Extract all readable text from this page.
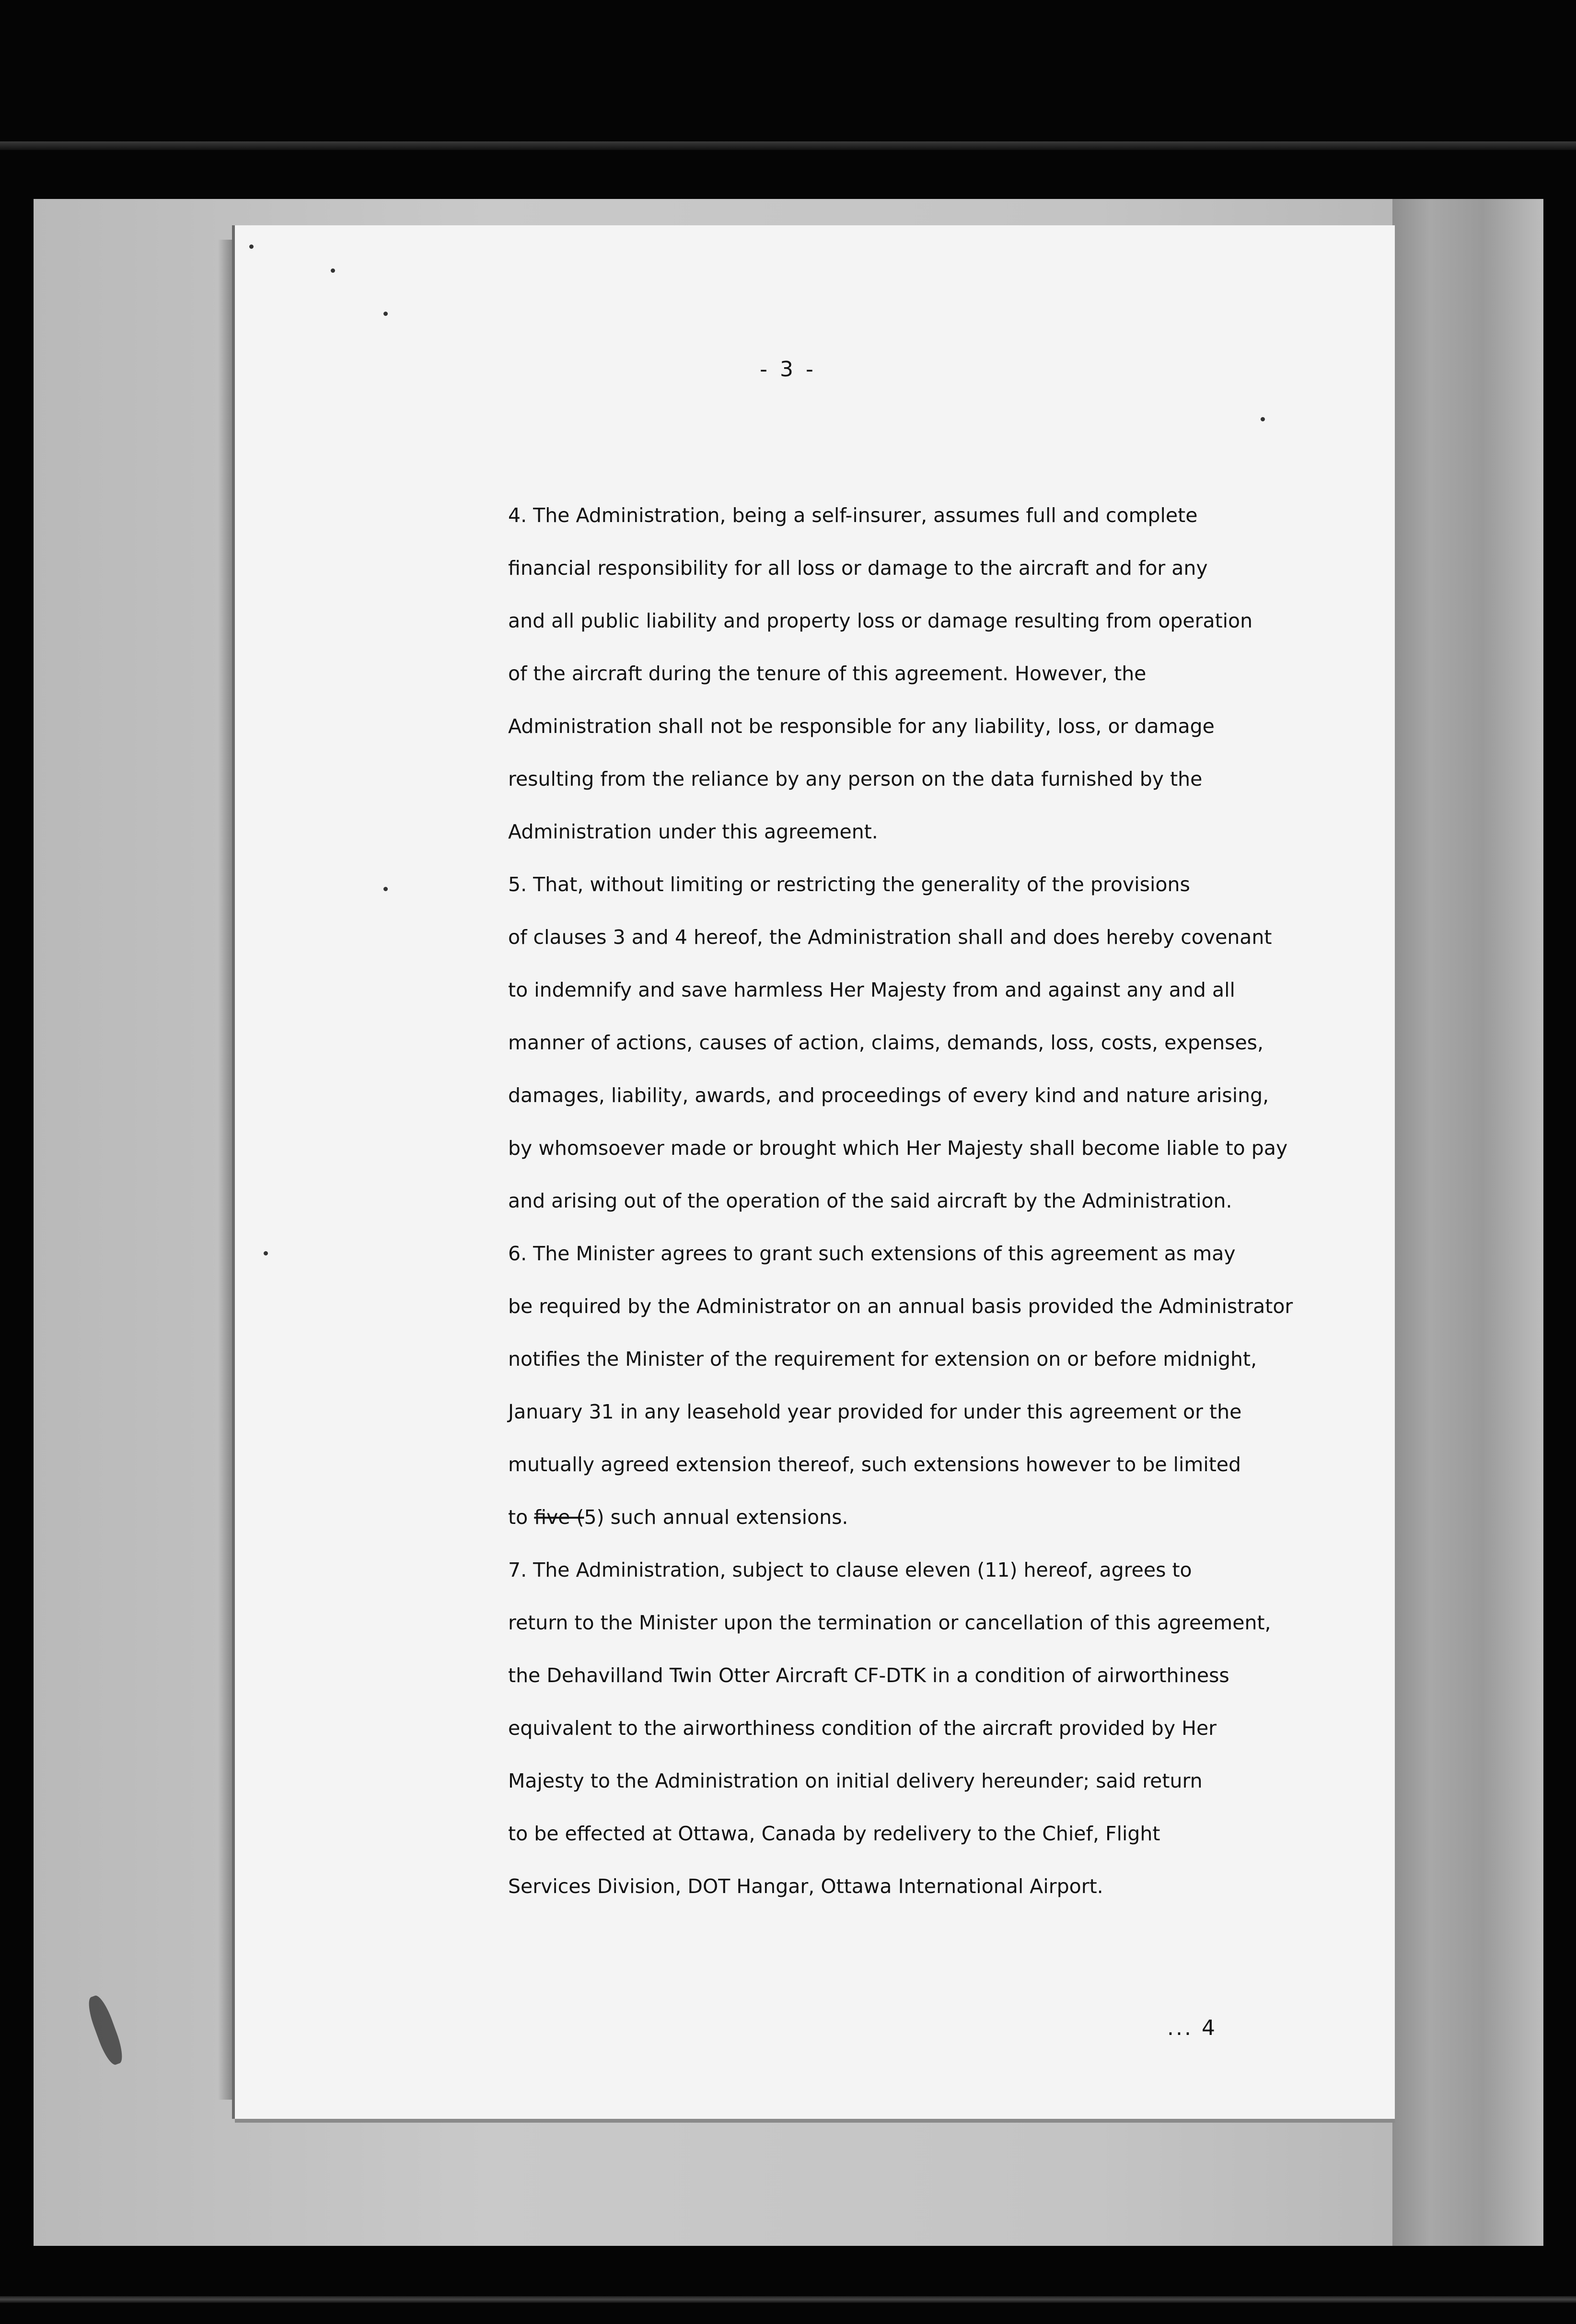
- 3 -
4. The Administration, being a self-insurer, assumes full and complete
financial responsibility for all loss or damage to the aircraft and for any
and all public liability and property loss or damage resulting from operation
of the aircraft during the tenure of this agreement. However, the
Administration shall not be responsible for any liability, loss, or damage
resulting from the reliance by any person on the data furnished by the
Administration under this agreement.
5. That, without limiting or restricting the generality of the provisions
of clauses 3 and 4 hereof, the Administration shall and does hereby covenant
to indemnify and save harmless Her Majesty from and against any and all
manner of actions, causes of action, claims, demands, loss, costs, expenses,
damages, liability, awards, and proceedings of every kind and nature arising,
by whomsoever made or brought which Her Majesty shall become liable to pay
and arising out of the operation of the said aircraft by the Administration.
6. The Minister agrees to grant such extensions of this agreement as may
be required by the Administrator on an annual basis provided the Administrator
notifies the Minister of the requirement for extension on or before midnight,
January 31 in any leasehold year provided for under this agreement or the
mutually agreed extension thereof, such extensions however to be limited
to five (5) such annual extensions.
7. The Administration, subject to clause eleven (11) hereof, agrees to
return to the Minister upon the termination or cancellation of this agreement,
the Dehavilland Twin Otter Aircraft CF-DTK in a condition of airworthiness
equivalent to the airworthiness condition of the aircraft provided by Her
Majesty to the Administration on initial delivery hereunder; said return
to be effected at Ottawa, Canada by redelivery to the Chief, Flight
Services Division, DOT Hangar, Ottawa International Airport.
... 4
